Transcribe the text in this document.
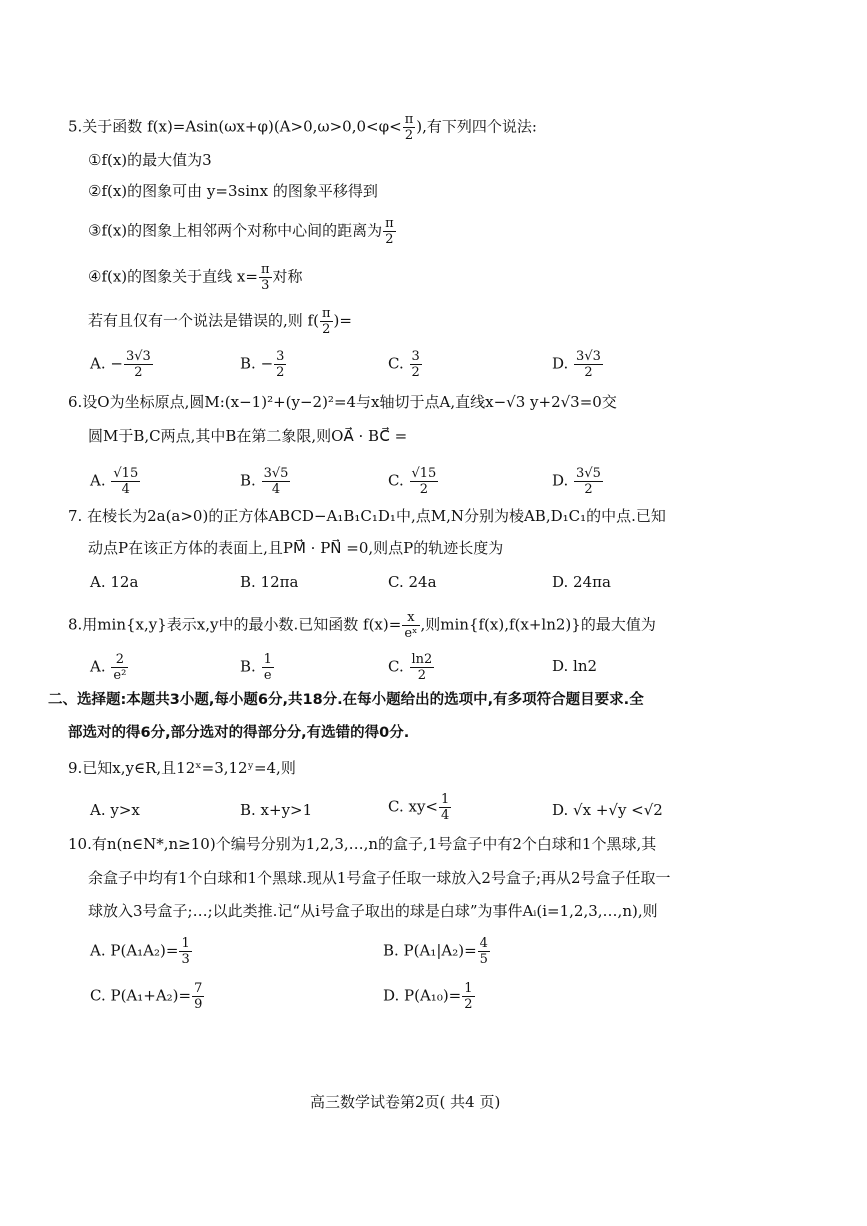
5.关于函数 $f(x)=Asin(\omega x+\varphi)(A>0,\omega>0,0<\varphi< \frac{\pi}{2}$ ),有下列四个说法:
①f(x)的最大值为3
②f(x)的图象可由 y=3sinx 的图象平移得到
③f(x)的图象上相邻两个对称中心间的距离为 $\frac{\pi}{2}$
④f(x)的图象关于直线 $x= \frac{\pi}{3}$ 对称
若有且仅有一个说法是错误的,则 $f( \frac{\pi}{2}$ )=
A. − $\frac{3√3}{2}$	B. − $\frac{3}{2}$	C. $\frac{3}{2}$	D. $\frac{3√3}{2}$
6.设O为坐标原点,圆M:(x−1)²+(y−2)²=4与x轴切于点A,直线x−√3 y+2√3=0交
圆M于B,C两点,其中B在第二象限,则OA⃗ · BC⃗ =
A. $\frac{√15}{4}$	B. $\frac{3√5}{4}$	C. $\frac{√15}{2}$	D. $\frac{3√5}{2}$
7. 在棱长为2a(a>0)的正方体ABCD−A₁B₁C₁D₁中,点M,N分别为棱AB,D₁C₁的中点.已知
动点P在该正方体的表面上,且PM⃗ · PN⃗ =0,则点P的轨迹长度为
A. 12a	B. 12πa	C. 24a	D. 24πa
8.用min{x,y}表示x,y中的最小数.已知函数 $f(x)= \frac{x}{\text{eˣ}}$ ,则min{f(x),f(x+ln2)}的最大值为
A. $\frac{2}{\text{e²}}$	B. $\frac{1}{e}$	C. $\frac{\ln 2}{2}$	D. ln2
二、选择题:本题共3小题,每小题6分,共18分.在每小题给出的选项中,有多项符合题目要求.全
部选对的得6分,部分选对的得部分分,有选错的得0分.
9.已知x,y∈R,且12ˣ=3,12ʸ=4,则
A. y>x	B. x+y>1	C. $xy< \frac{1}{4}$	D. √x +√y <√2
10.有n(n∈N*,n≥10)个编号分别为1,2,3,…,n的盒子,1号盒子中有2个白球和1个黑球,其
余盒子中均有1个白球和1个黑球.现从1号盒子任取一球放入2号盒子;再从2号盒子任取一
球放入3号盒子;…;以此类推.记“从i号盒子取出的球是白球”为事件Aᵢ(i=1,2,3,…,n),则
A. $P(A_1A_2)= \frac{1}{3}$	B. $P(A_1|A_2)= \frac{4}{5}$
C. $P(A_1+A_2)= \frac{7}{9}$	D. $P(A_{10})= \frac{1}{2}$
高三数学试卷第2页( 共4 页)
